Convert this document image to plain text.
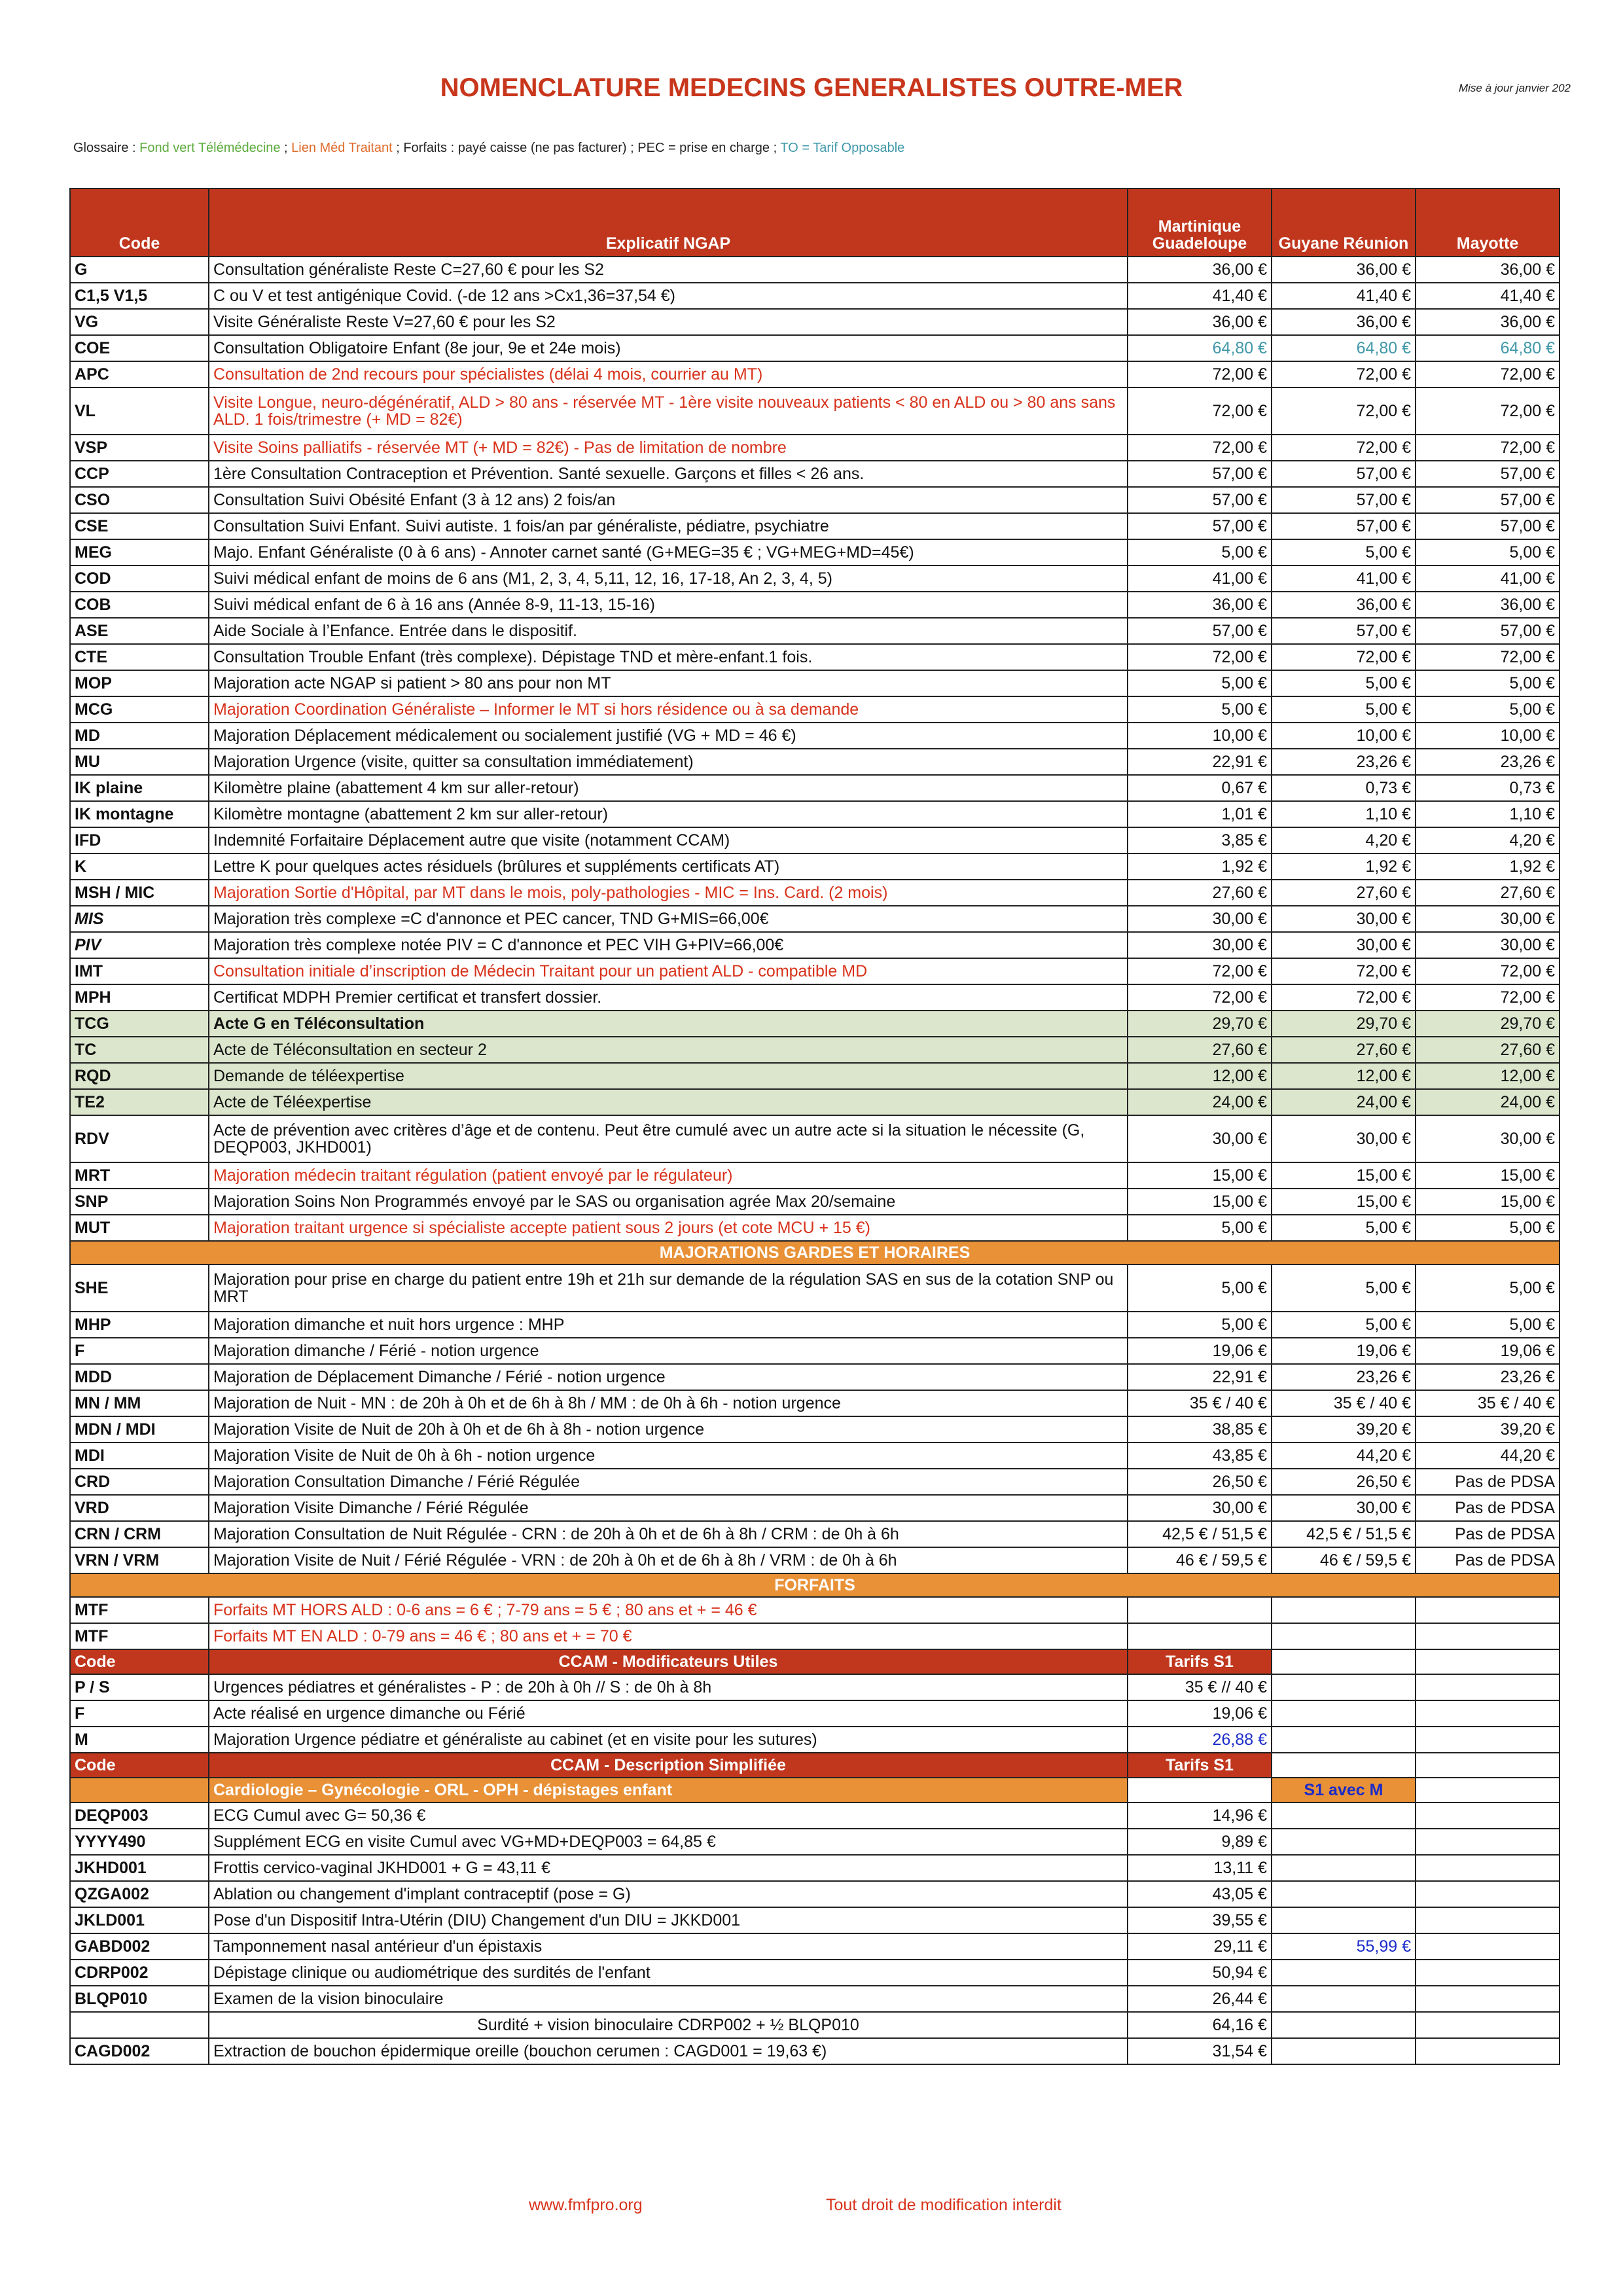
NOMENCLATURE MEDECINS GENERALISTES OUTRE-MER	Mise à jour janvier 202
Glossaire : Fond vert Télémédecine ; Lien Méd Traitant ; Forfaits : payé caisse (ne pas facturer) ; PEC = prise en charge ; TO = Tarif Opposable
Code	Explicatif NGAP	Martinique Guadeloupe	Guyane Réunion	Mayotte
G	Consultation généraliste Reste C=27,60 € pour les S2	36,00 €	36,00 €	36,00 €
C1,5 V1,5	C ou V et test antigénique Covid. (-de 12 ans >Cx1,36=37,54 €)	41,40 €	41,40 €	41,40 €
VG	Visite Généraliste Reste V=27,60 € pour les S2	36,00 €	36,00 €	36,00 €
COE	Consultation Obligatoire Enfant (8e jour, 9e et 24e mois)	64,80 €	64,80 €	64,80 €
APC	Consultation de 2nd recours pour spécialistes (délai 4 mois, courrier au MT)	72,00 €	72,00 €	72,00 €
VL	Visite Longue, neuro-dégénératif, ALD > 80 ans - réservée MT - 1ère visite nouveaux patients < 80 en ALD ou > 80 ans sans ALD. 1 fois/trimestre (+ MD = 82€)	72,00 €	72,00 €	72,00 €
VSP	Visite Soins palliatifs - réservée MT (+ MD = 82€) - Pas de limitation de nombre	72,00 €	72,00 €	72,00 €
CCP	1ère Consultation Contraception et Prévention. Santé sexuelle. Garçons et filles < 26 ans.	57,00 €	57,00 €	57,00 €
CSO	Consultation Suivi Obésité Enfant (3 à 12 ans) 2 fois/an	57,00 €	57,00 €	57,00 €
CSE	Consultation Suivi Enfant. Suivi autiste. 1 fois/an par généraliste, pédiatre, psychiatre	57,00 €	57,00 €	57,00 €
MEG	Majo. Enfant Généraliste (0 à 6 ans) - Annoter carnet santé (G+MEG=35 € ; VG+MEG+MD=45€)	5,00 €	5,00 €	5,00 €
COD	Suivi médical enfant de moins de 6 ans (M1, 2, 3, 4, 5,11, 12, 16, 17-18, An 2, 3, 4, 5)	41,00 €	41,00 €	41,00 €
COB	Suivi médical enfant de 6 à 16 ans (Année 8-9, 11-13, 15-16)	36,00 €	36,00 €	36,00 €
ASE	Aide Sociale à l’Enfance. Entrée dans le dispositif.	57,00 €	57,00 €	57,00 €
CTE	Consultation Trouble Enfant (très complexe). Dépistage TND et mère-enfant.1 fois.	72,00 €	72,00 €	72,00 €
MOP	Majoration acte NGAP si patient > 80 ans pour non MT	5,00 €	5,00 €	5,00 €
MCG	Majoration Coordination Généraliste – Informer le MT si hors résidence ou à sa demande	5,00 €	5,00 €	5,00 €
MD	Majoration Déplacement médicalement ou socialement justifié (VG + MD = 46 €)	10,00 €	10,00 €	10,00 €
MU	Majoration Urgence (visite, quitter sa consultation immédiatement)	22,91 €	23,26 €	23,26 €
IK plaine	Kilomètre plaine (abattement 4 km sur aller-retour)	0,67 €	0,73 €	0,73 €
IK montagne	Kilomètre montagne (abattement 2 km sur aller-retour)	1,01 €	1,10 €	1,10 €
IFD	Indemnité Forfaitaire Déplacement autre que visite (notamment CCAM)	3,85 €	4,20 €	4,20 €
K	Lettre K pour quelques actes résiduels (brûlures et suppléments certificats AT)	1,92 €	1,92 €	1,92 €
MSH / MIC	Majoration Sortie d'Hôpital, par MT dans le mois, poly-pathologies - MIC = Ins. Card. (2 mois)	27,60 €	27,60 €	27,60 €
MIS	Majoration très complexe =C d'annonce et PEC cancer, TND G+MIS=66,00€	30,00 €	30,00 €	30,00 €
PIV	Majoration très complexe notée PIV = C d'annonce et PEC VIH G+PIV=66,00€	30,00 €	30,00 €	30,00 €
IMT	Consultation initiale d’inscription de Médecin Traitant pour un patient ALD - compatible MD	72,00 €	72,00 €	72,00 €
MPH	Certificat MDPH Premier certificat et transfert dossier.	72,00 €	72,00 €	72,00 €
TCG	Acte G en Téléconsultation	29,70 €	29,70 €	29,70 €
TC	Acte de Téléconsultation en secteur 2	27,60 €	27,60 €	27,60 €
RQD	Demande de téléexpertise	12,00 €	12,00 €	12,00 €
TE2	Acte de Téléexpertise	24,00 €	24,00 €	24,00 €
RDV	Acte de prévention avec critères d’âge et de contenu. Peut être cumulé avec un autre acte si la situation le nécessite (G, DEQP003, JKHD001)	30,00 €	30,00 €	30,00 €
MRT	Majoration médecin traitant régulation (patient envoyé par le régulateur)	15,00 €	15,00 €	15,00 €
SNP	Majoration Soins Non Programmés envoyé par le SAS ou organisation agrée Max 20/semaine	15,00 €	15,00 €	15,00 €
MUT	Majoration traitant urgence si spécialiste accepte patient sous 2 jours (et cote MCU + 15 €)	5,00 €	5,00 €	5,00 €
MAJORATIONS GARDES ET HORAIRES				
SHE	Majoration pour prise en charge du patient entre 19h et 21h sur demande de la régulation SAS en sus de la cotation SNP ou MRT	5,00 €	5,00 €	5,00 €
MHP	Majoration dimanche et nuit hors urgence : MHP	5,00 €	5,00 €	5,00 €
F	Majoration dimanche / Férié - notion urgence	19,06 €	19,06 €	19,06 €
MDD	Majoration de Déplacement Dimanche / Férié - notion urgence	22,91 €	23,26 €	23,26 €
MN / MM	Majoration de Nuit - MN : de 20h à 0h et de 6h à 8h / MM : de 0h à 6h - notion urgence	35 € / 40 €	35 € / 40 €	35 € / 40 €
MDN / MDI	Majoration Visite de Nuit de 20h à 0h et de 6h à 8h - notion urgence	38,85 €	39,20 €	39,20 €
MDI	Majoration Visite de Nuit de 0h à 6h - notion urgence	43,85 €	44,20 €	44,20 €
CRD	Majoration Consultation Dimanche / Férié Régulée	26,50 €	26,50 €	Pas de PDSA
VRD	Majoration Visite Dimanche / Férié Régulée	30,00 €	30,00 €	Pas de PDSA
CRN / CRM	Majoration Consultation de Nuit Régulée - CRN : de 20h à 0h et de 6h à 8h / CRM : de 0h à 6h	42,5 € / 51,5 €	42,5 € / 51,5 €	Pas de PDSA
VRN / VRM	Majoration Visite de Nuit / Férié Régulée - VRN : de 20h à 0h et de 6h à 8h / VRM : de 0h à 6h	46 € / 59,5 €	46 € / 59,5 €	Pas de PDSA
FORFAITS				
MTF	Forfaits MT HORS ALD : 0-6 ans = 6 € ; 7-79 ans = 5 € ; 80 ans et + = 46 €			
MTF	Forfaits MT EN ALD : 0-79 ans = 46 € ; 80 ans et + = 70 €			
Code	CCAM - Modificateurs Utiles	Tarifs S1		
P / S	Urgences pédiatres et généralistes - P : de 20h à 0h // S : de 0h à 8h	35 € // 40 €		
F	Acte réalisé en urgence dimanche ou Férié	19,06 €		
M	Majoration Urgence pédiatre et généraliste au cabinet (et en visite pour les sutures)	26,88 €		
Code	CCAM - Description Simplifiée	Tarifs S1		
	Cardiologie – Gynécologie - ORL - OPH - dépistages enfant		S1 avec M	
DEQP003	ECG Cumul avec G= 50,36 €	14,96 €		
YYYY490	Supplément ECG en visite Cumul avec VG+MD+DEQP003 = 64,85 €	9,89 €		
JKHD001	Frottis cervico-vaginal JKHD001 + G = 43,11 €	13,11 €		
QZGA002	Ablation ou changement d'implant contraceptif (pose = G)	43,05 €		
JKLD001	Pose d'un Dispositif Intra-Utérin (DIU) Changement d'un DIU = JKKD001	39,55 €		
GABD002	Tamponnement nasal antérieur d'un épistaxis	29,11 €	55,99 €	
CDRP002	Dépistage clinique ou audiométrique des surdités de l'enfant	50,94 €		
BLQP010	Examen de la vision binoculaire	26,44 €		
	Surdité + vision binoculaire CDRP002 + ½ BLQP010	64,16 €		
CAGD002	Extraction de bouchon épidermique oreille (bouchon cerumen : CAGD001 = 19,63 €)	31,54 €		
www.fmfpro.org	Tout droit de modification interdit
